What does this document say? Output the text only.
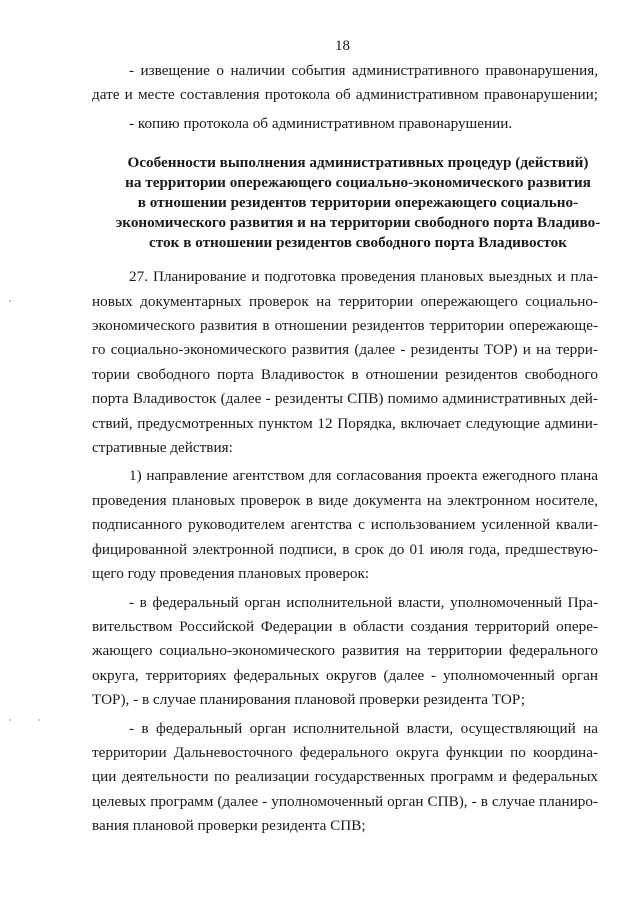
18
- извещение о наличии события административного правонарушения,
дате и месте составления протокола об административном правонарушении;
- копию протокола об административном правонарушении.
Особенности выполнения административных процедур (действий)
на территории опережающего социально-экономического развития
в отношении резидентов территории опережающего социально-
экономического развития и на территории свободного порта Владиво-
сток в отношении резидентов свободного порта Владивосток
27. Планирование и подготовка проведения плановых выездных и пла-
новых документарных проверок на территории опережающего социально-
экономического развития в отношении резидентов территории опережающе-
го социально-экономического развития (далее - резиденты ТОР) и на терри-
тории свободного порта Владивосток в отношении резидентов свободного
порта Владивосток (далее - резиденты СПВ) помимо административных дей-
ствий, предусмотренных пунктом 12 Порядка, включает следующие админи-
стративные действия:
1) направление агентством для согласования проекта ежегодного плана
проведения плановых проверок в виде документа на электронном носителе,
подписанного руководителем агентства с использованием усиленной квали-
фицированной электронной подписи, в срок до 01 июля года, предшествую-
щего году проведения плановых проверок:
- в федеральный орган исполнительной власти, уполномоченный Пра-
вительством Российской Федерации в области создания территорий опере-
жающего социально-экономического развития на территории федерального
округа, территориях федеральных округов (далее - уполномоченный орган
ТОР), - в случае планирования плановой проверки резидента ТОР;
- в федеральный орган исполнительной власти, осуществляющий на
территории Дальневосточного федерального округа функции по координа-
ции деятельности по реализации государственных программ и федеральных
целевых программ (далее - уполномоченный орган СПВ), - в случае планиро-
вания плановой проверки резидента СПВ;
